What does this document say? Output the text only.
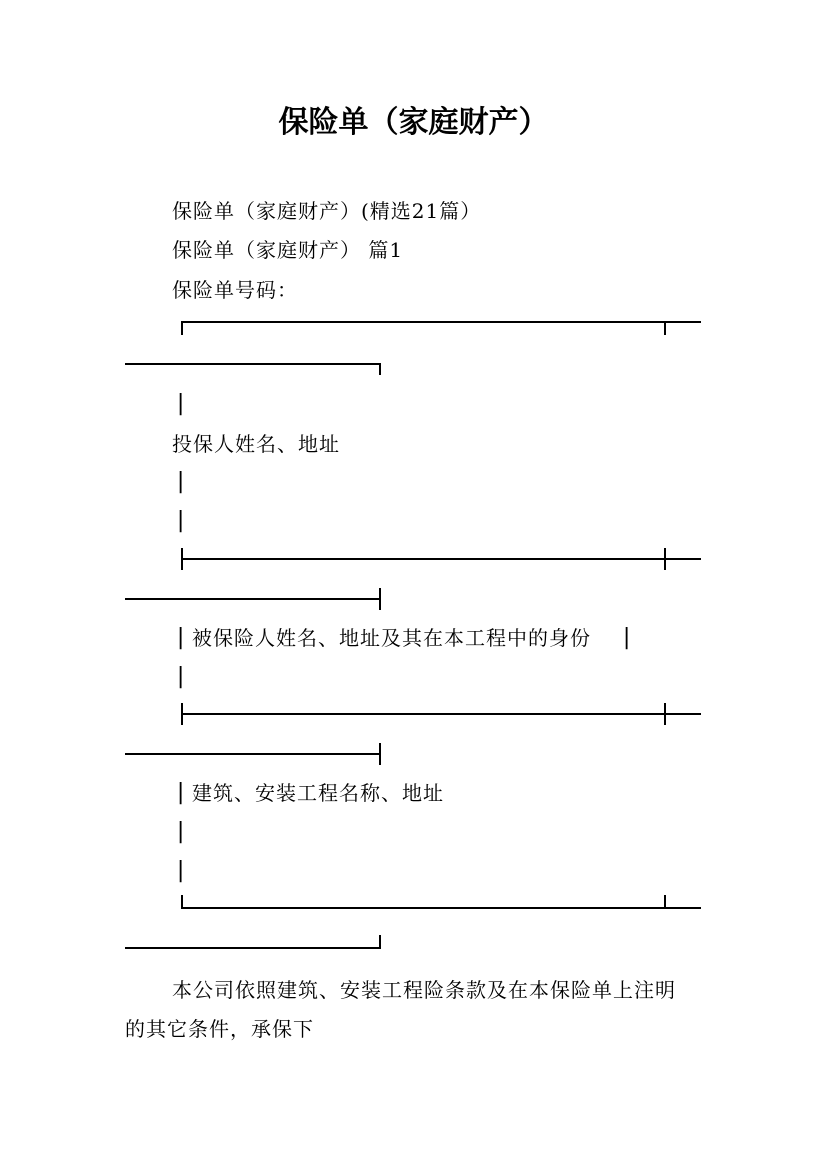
保险单（家庭财产）
保险单（家庭财产）(精选21篇）
保险单（家庭财产） 篇1
保险单号码：
|
投保人姓名、地址
|
|
| 被保险人姓名、地址及其在本工程中的身份 |
|
| 建筑、安装工程名称、地址
|
|
本公司依照建筑、安装工程险条款及在本保险单上注明
的其它条件，承保下
